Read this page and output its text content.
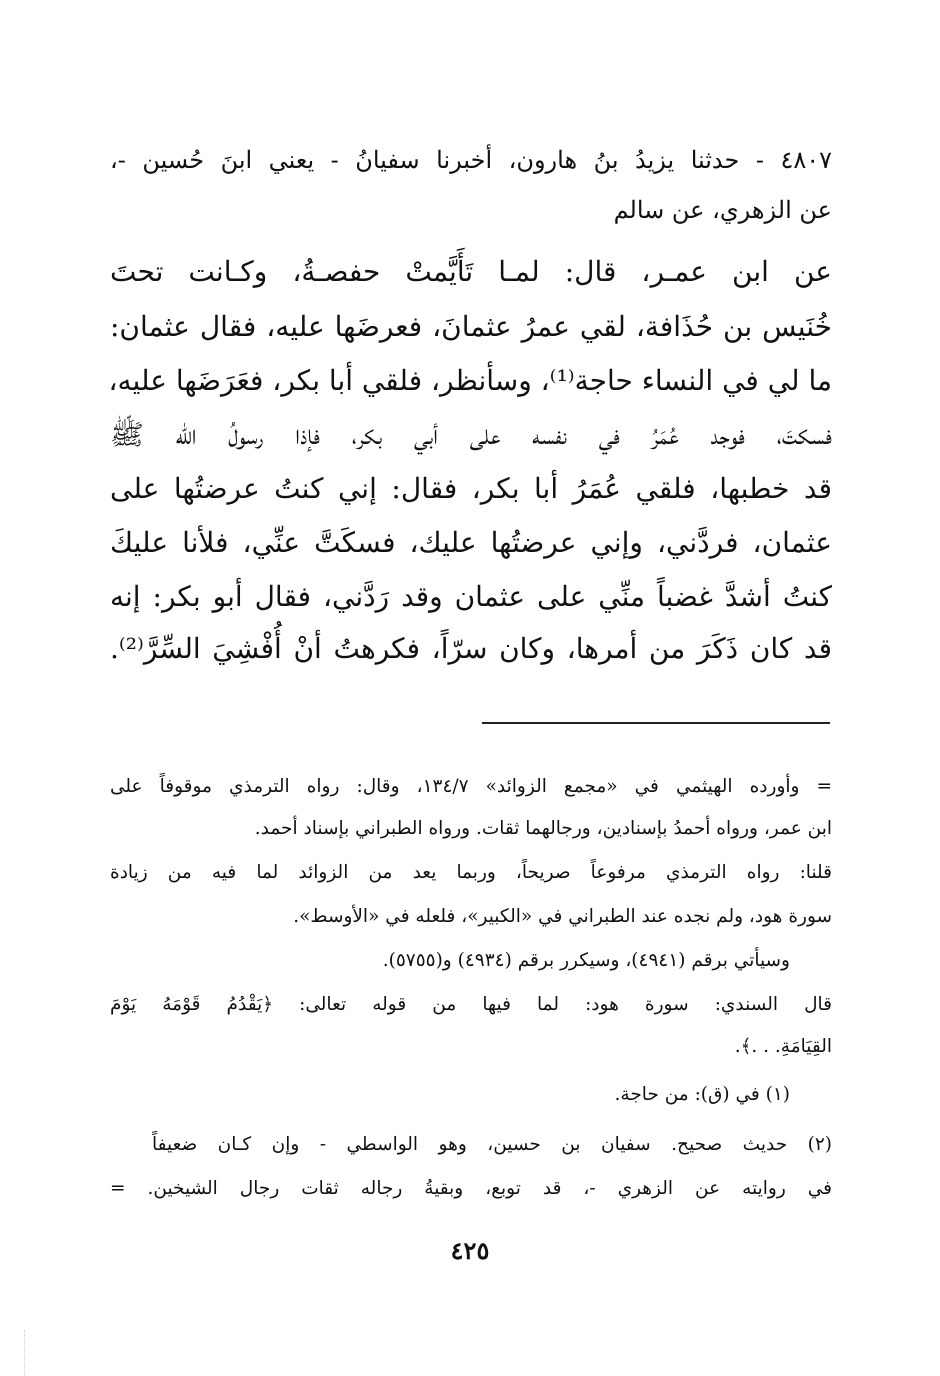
٤٨٠٧ - حدثنا يزيدُ بنُ هارون، أخبرنا سفيانُ - يعني ابنَ حُسين -،
عن الزهري، عن سالم
عن ابن عمـر، قال: لمـا تَأَيَّمتْ حفصـةُ، وكـانت تحتَ
خُنَيس بن حُذَافة، لقي عمرُ عثمانَ، فعرضَها عليه، فقال عثمان:
ما لي في النساء حاجة⁽¹⁾، وسأنظر، فلقي أبا بكر، فعَرَضَها عليه،
فسكتَ، فوجد عُمَرُ في نفسه على أبي بكر، فإذا رسولُ الله ﷺ
قد خطبها، فلقي عُمَرُ أبا بكر، فقال: إني كنتُ عرضتُها على
عثمان، فردَّني، وإني عرضتُها عليك، فسكَتَّ عنِّي، فلأنا عليكَ
كنتُ أشدَّ غضباً منِّي على عثمان وقد رَدَّني، فقال أبو بكر: إنه
قد كان ذَكَرَ من أمرها، وكان سرّاً، فكرهتُ أنْ أُفْشِيَ السِّرَّ⁽²⁾.
= وأورده الهيثمي في «مجمع الزوائد» ١٣٤/٧، وقال: رواه الترمذي موقوفاً على
ابن عمر، ورواه أحمدُ بإسنادين، ورجالهما ثقات. ورواه الطبراني بإسناد أحمد.
قلنا: رواه الترمذي مرفوعاً صريحاً، وربما يعد من الزوائد لما فيه من زيادة
سورة هود، ولم نجده عند الطبراني في «الكبير»، فلعله في «الأوسط».
وسيأتي برقم (٤٩٤١)، وسيكرر برقم (٤٩٣٤) و(٥٧٥٥).
قال السندي: سورة هود: لما فيها من قوله تعالى: ﴿يَقْدُمُ قَوْمَهُ يَوْمَ
القِيَامَةِ. . .﴾.
(١) في (ق): من حاجة.
(٢) حديث صحيح. سفيان بن حسين، وهو الواسطي - وإن كـان ضعيفاً
في روايته عن الزهري -، قد توبع، وبقيةُ رجاله ثقات رجال الشيخين. =
٤٢٥
